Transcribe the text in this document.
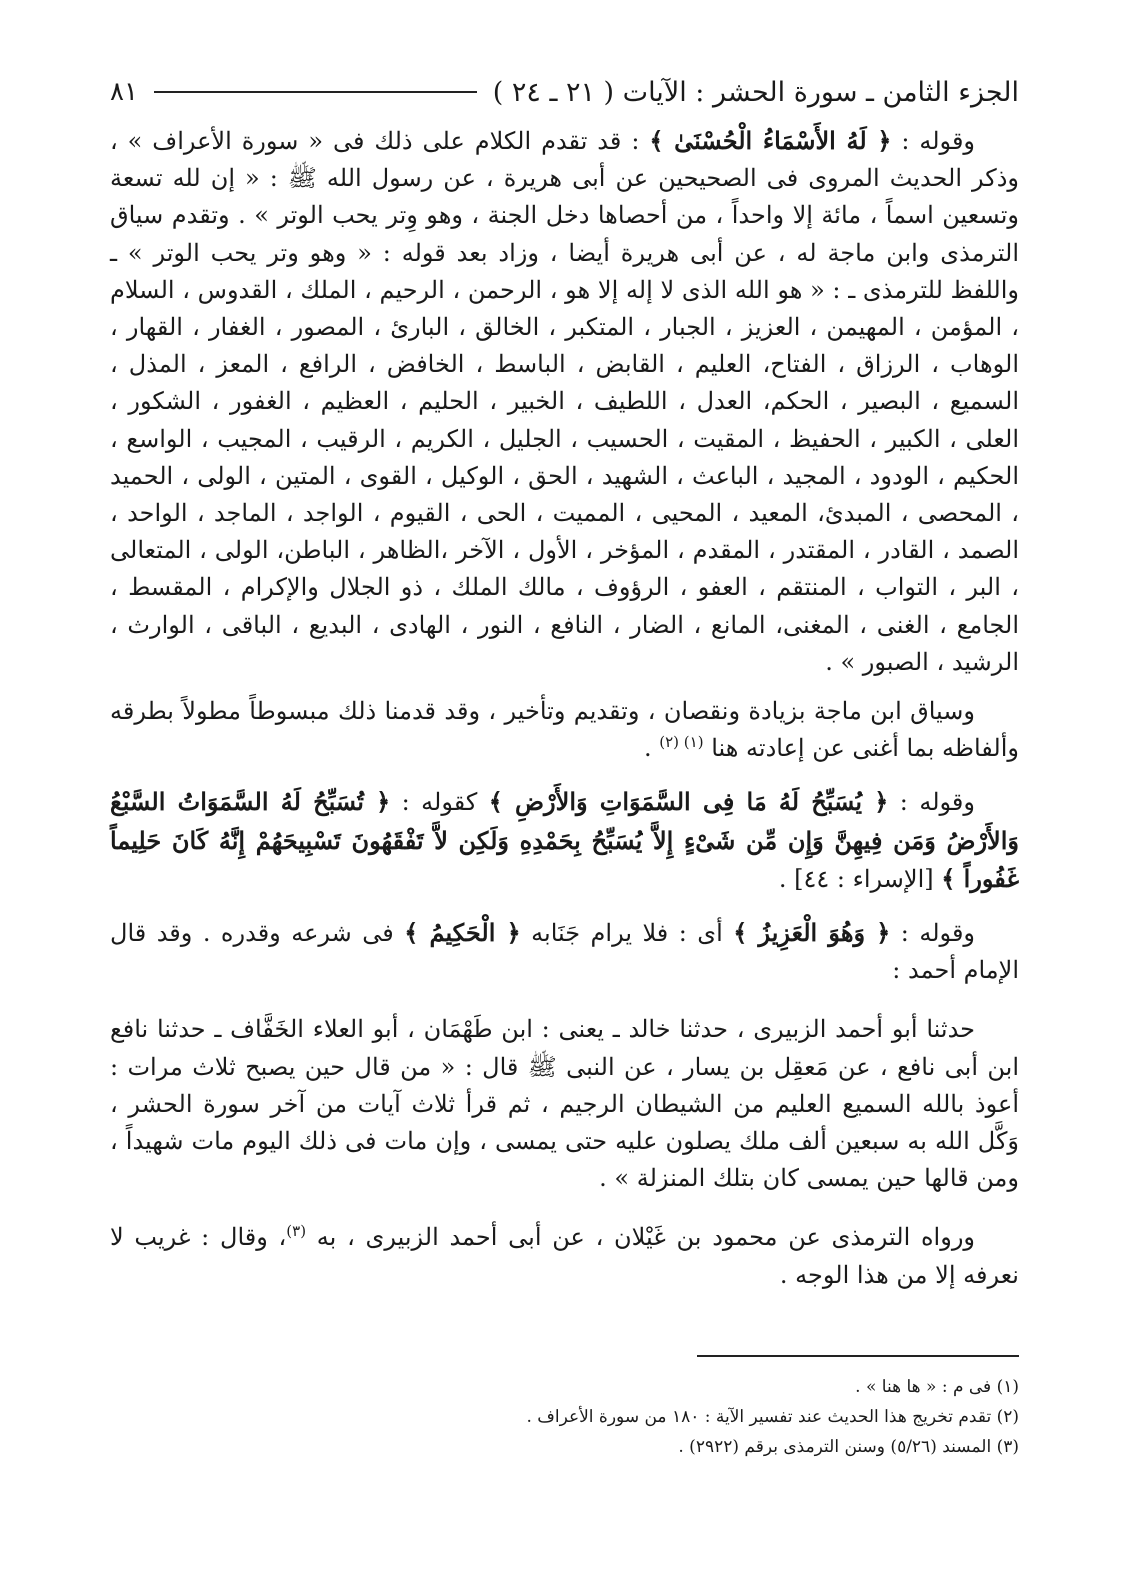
الجزء الثامن ـ سورة الحشر : الآيات ( ٢١ ـ ٢٤ )
٨١

وقوله : ﴿ لَهُ الأَسْمَاءُ الْحُسْنَىٰ ﴾ : قد تقدم الكلام على ذلك فى « سورة الأعراف » ، وذكر الحديث المروى فى الصحيحين عن أبى هريرة ، عن رسول الله ﷺ : « إن لله تسعة وتسعين اسماً ، مائة إلا واحداً ، من أحصاها دخل الجنة ، وهو وِتر يحب الوتر » . وتقدم سياق الترمذى وابن ماجة له ، عن أبى هريرة أيضا ، وزاد بعد قوله : « وهو وتر يحب الوتر » ـ واللفظ للترمذى ـ : « هو الله الذى لا إله إلا هو ، الرحمن ، الرحيم ، الملك ، القدوس ، السلام ، المؤمن ، المهيمن ، العزيز ، الجبار ، المتكبر ، الخالق ، البارئ ، المصور ، الغفار ، القهار ، الوهاب ، الرزاق ، الفتاح، العليم ، القابض ، الباسط ، الخافض ، الرافع ، المعز ، المذل ، السميع ، البصير ، الحكم، العدل ، اللطيف ، الخبير ، الحليم ، العظيم ، الغفور ، الشكور ، العلى ، الكبير ، الحفيظ ، المقيت ، الحسيب ، الجليل ، الكريم ، الرقيب ، المجيب ، الواسع ، الحكيم ، الودود ، المجيد ، الباعث ، الشهيد ، الحق ، الوكيل ، القوى ، المتين ، الولى ، الحميد ، المحصى ، المبدئ، المعيد ، المحيى ، المميت ، الحى ، القيوم ، الواجد ، الماجد ، الواحد ، الصمد ، القادر ، المقتدر ، المقدم ، المؤخر ، الأول ، الآخر ،الظاهر ، الباطن، الولى ، المتعالى ، البر ، التواب ، المنتقم ، العفو ، الرؤوف ، مالك الملك ، ذو الجلال والإكرام ، المقسط ، الجامع ، الغنى ، المغنى، المانع ، الضار ، النافع ، النور ، الهادى ، البديع ، الباقى ، الوارث ، الرشيد ، الصبور » .

وسياق ابن ماجة بزيادة ونقصان ، وتقديم وتأخير ، وقد قدمنا ذلك مبسوطاً مطولاً بطرقه وألفاظه بما أغنى عن إعادته هنا $^{(١) (٢)}$ .

وقوله : ﴿ يُسَبِّحُ لَهُ مَا فِى السَّمَوَاتِ وَالأَرْضِ ﴾ كقوله : ﴿ تُسَبِّحُ لَهُ السَّمَوَاتُ السَّبْعُ وَالأَرْضُ وَمَن فِيهِنَّ وَإِن مِّن شَىْءٍ إِلاَّ يُسَبِّحُ بِحَمْدِهِ وَلَكِن لاَّ تَفْقَهُونَ تَسْبِيحَهُمْ إِنَّهُ كَانَ حَلِيماً غَفُوراً ﴾ [الإسراء : ٤٤] .

وقوله : ﴿ وَهُوَ الْعَزِيزُ ﴾ أى : فلا يرام جَنَابه ﴿ الْحَكِيمُ ﴾ فى شرعه وقدره . وقد قال الإمام أحمد :

حدثنا أبو أحمد الزبيرى ، حدثنا خالد ـ يعنى : ابن طَهْمَان ، أبو العلاء الخَفَّاف ـ حدثنا نافع ابن أبى نافع ، عن مَعقِل بن يسار ، عن النبى ﷺ قال : « من قال حين يصبح ثلاث مرات : أعوذ بالله السميع العليم من الشيطان الرجيم ، ثم قرأ ثلاث آيات من آخر سورة الحشر ، وَكَّل الله به سبعين ألف ملك يصلون عليه حتى يمسى ، وإن مات فى ذلك اليوم مات شهيداً ، ومن قالها حين يمسى كان بتلك المنزلة » .

ورواه الترمذى عن محمود بن غَيْلان ، عن أبى أحمد الزبيرى ، به $^{(٣)}$، وقال : غريب لا نعرفه إلا من هذا الوجه .

(١) فى م : « ها هنا » .

(٢) تقدم تخريج هذا الحديث عند تفسير الآية : ١٨٠ من سورة الأعراف .

(٣) المسند (٥/٢٦) وسنن الترمذى برقم (٢٩٢٢) .
